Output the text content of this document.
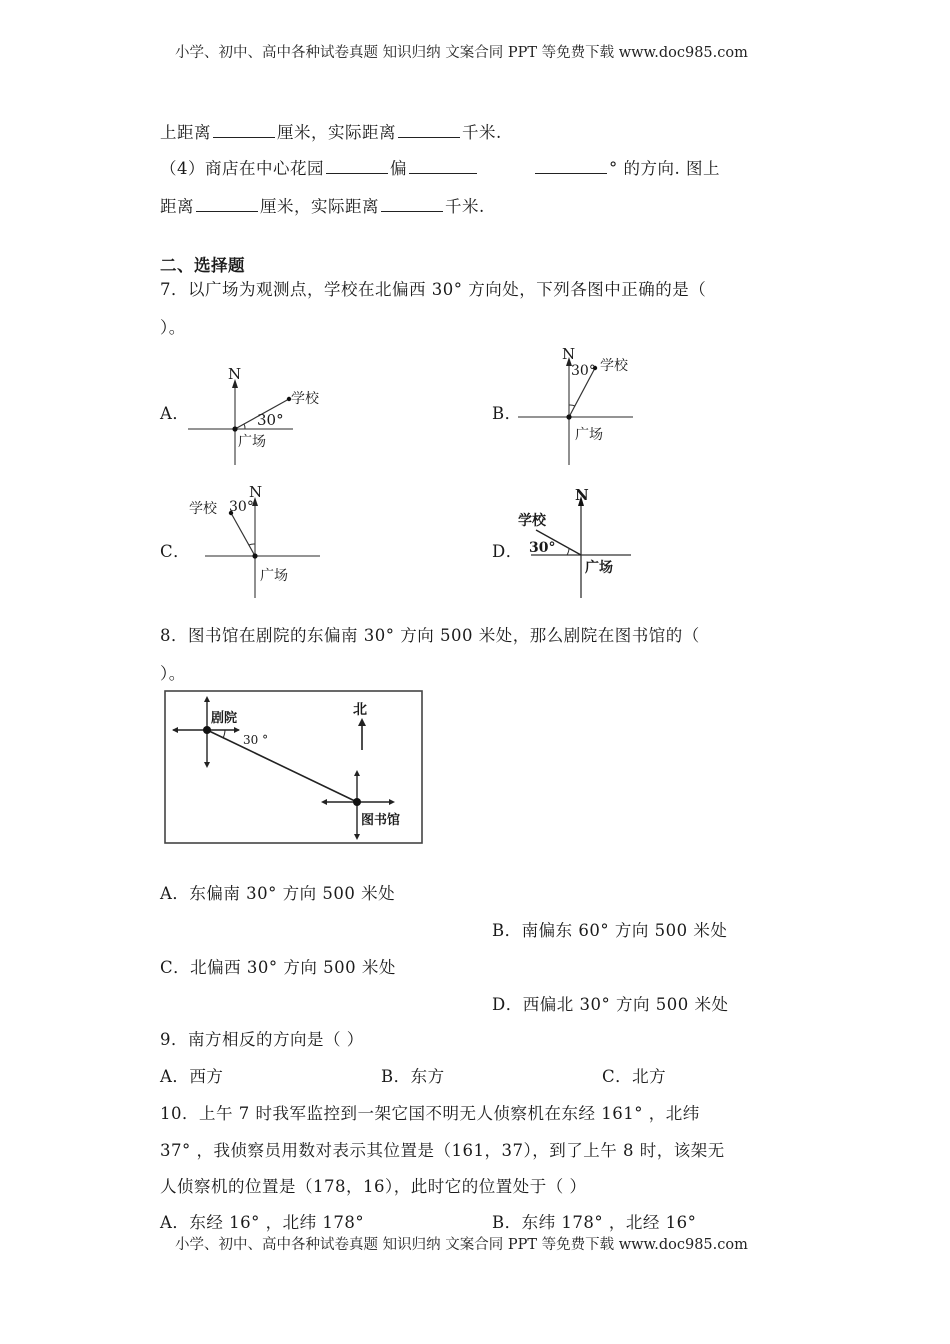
小学、初中、高中各种试卷真题 知识归纳 文案合同 PPT 等免费下载 www.doc985.com
上距离	厘米，实际距离	千米.
（4）商店在中心花园	偏	° 的方向. 图上
距离	厘米，实际距离	千米.
二、选择题
7．以广场为观测点，学校在北偏西 30° 方向处，下列各图中正确的是（
）。
A．
N
学校
30°
广场
B．
N
30° 学校
广场
C．
N
学校 30°
广场
D．
N
学校
30°
广场
8．图书馆在剧院的东偏南 30° 方向 500 米处，那么剧院在图书馆的（
）。
北
剧院
30 °
图书馆
A．东偏南 30° 方向 500 米处
B．南偏东 60° 方向 500 米处
C．北偏西 30° 方向 500 米处
D．西偏北 30° 方向 500 米处
9．南方相反的方向是（ ）
A．西方	B．东方	C．北方
10．上午 7 时我军监控到一架它国不明无人侦察机在东经 161° ，北纬
37° ，我侦察员用数对表示其位置是（161，37），到了上午 8 时，该架无
人侦察机的位置是（178，16），此时它的位置处于（ ）
A．东经 16° ，北纬 178°	B．东纬 178° ，北经 16°
小学、初中、高中各种试卷真题 知识归纳 文案合同 PPT 等免费下载 www.doc985.com
